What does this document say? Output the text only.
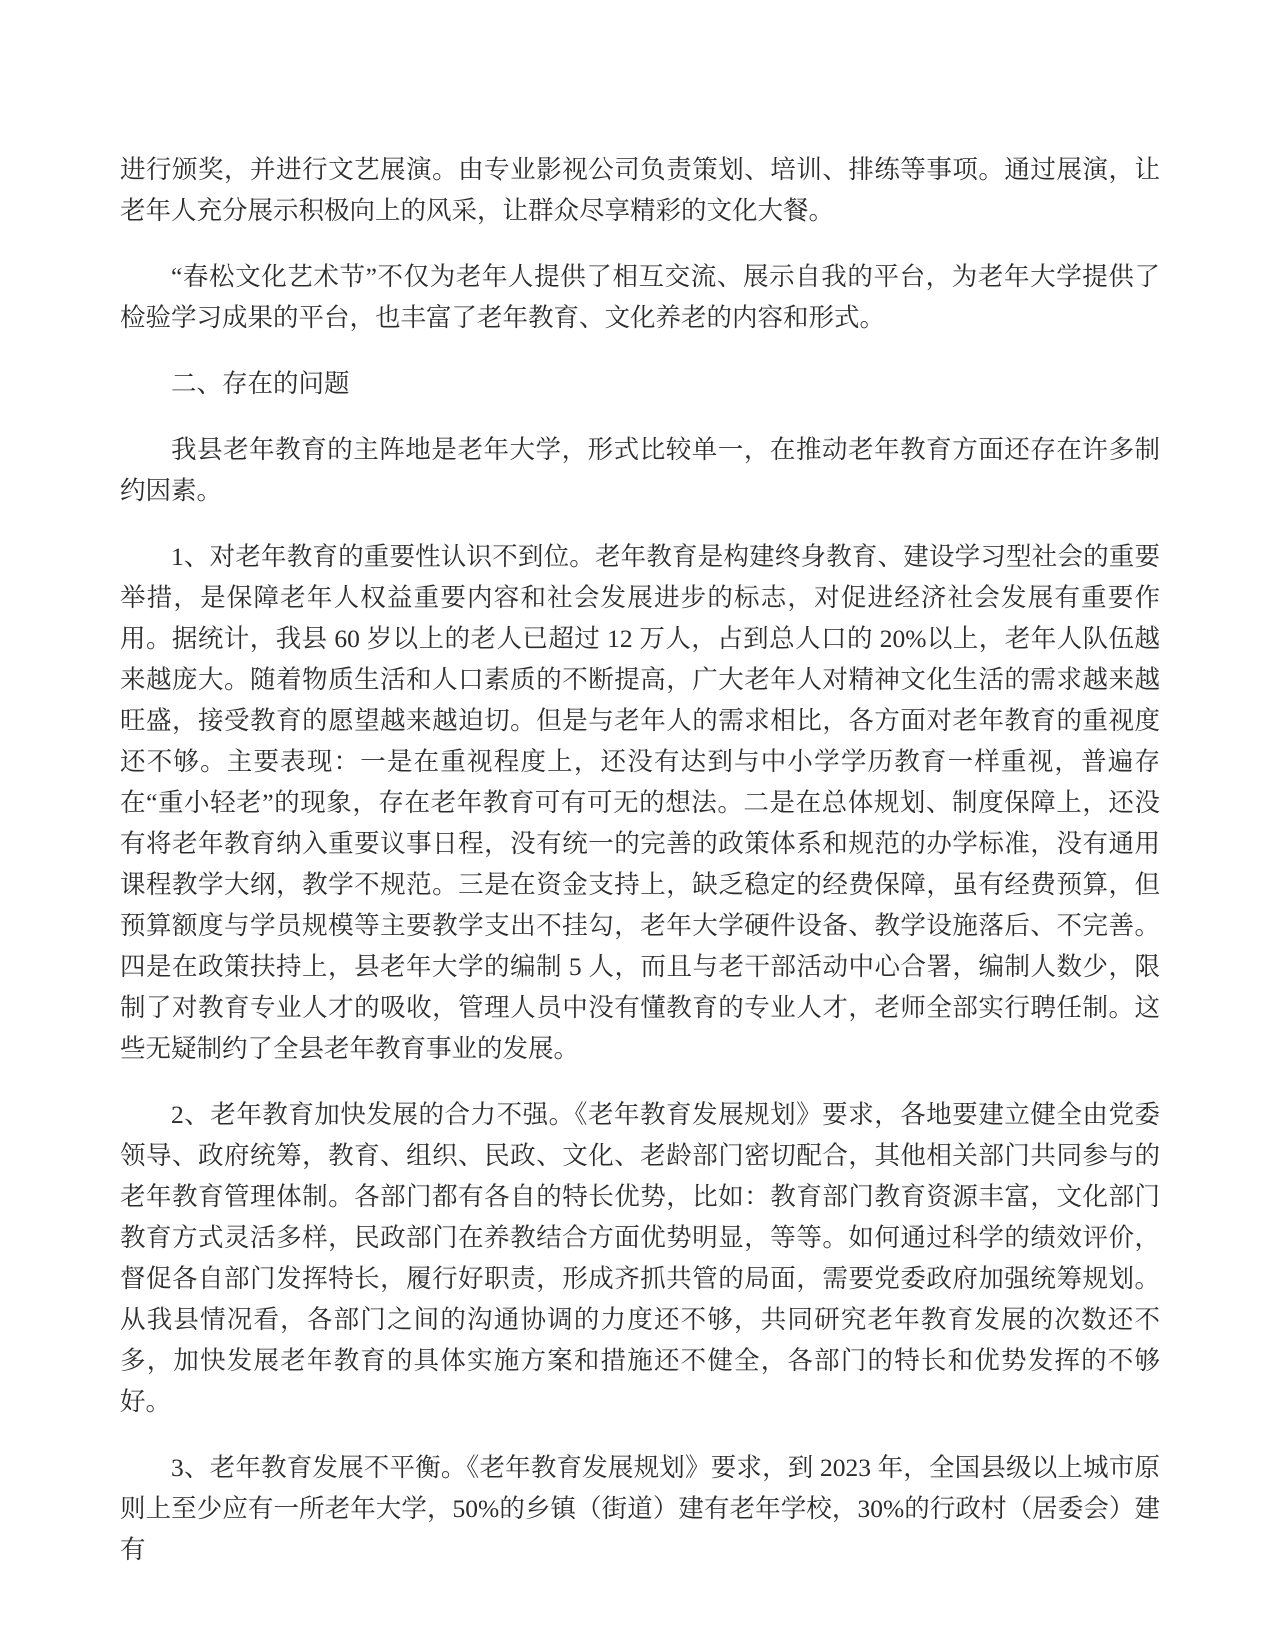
进行颁奖，并进行文艺展演。由专业影视公司负责策划、培训、排练等事项。通过展演，让老年人充分展示积极向上的风采，让群众尽享精彩的文化大餐。

“春松文化艺术节”不仅为老年人提供了相互交流、展示自我的平台，为老年大学提供了检验学习成果的平台，也丰富了老年教育、文化养老的内容和形式。

二、存在的问题

我县老年教育的主阵地是老年大学，形式比较单一，在推动老年教育方面还存在许多制约因素。

1、对老年教育的重要性认识不到位。老年教育是构建终身教育、建设学习型社会的重要举措，是保障老年人权益重要内容和社会发展进步的标志，对促进经济社会发展有重要作用。据统计，我县 60 岁以上的老人已超过 12 万人，占到总人口的 20%以上，老年人队伍越来越庞大。随着物质生活和人口素质的不断提高，广大老年人对精神文化生活的需求越来越旺盛，接受教育的愿望越来越迫切。但是与老年人的需求相比，各方面对老年教育的重视度还不够。主要表现：一是在重视程度上，还没有达到与中小学学历教育一样重视，普遍存在“重小轻老”的现象，存在老年教育可有可无的想法。二是在总体规划、制度保障上，还没有将老年教育纳入重要议事日程，没有统一的完善的政策体系和规范的办学标准，没有通用课程教学大纲，教学不规范。三是在资金支持上，缺乏稳定的经费保障，虽有经费预算，但预算额度与学员规模等主要教学支出不挂勾，老年大学硬件设备、教学设施落后、不完善。四是在政策扶持上，县老年大学的编制 5 人，而且与老干部活动中心合署，编制人数少，限制了对教育专业人才的吸收，管理人员中没有懂教育的专业人才，老师全部实行聘任制。这些无疑制约了全县老年教育事业的发展。

2、老年教育加快发展的合力不强。《老年教育发展规划》要求，各地要建立健全由党委领导、政府统筹，教育、组织、民政、文化、老龄部门密切配合，其他相关部门共同参与的老年教育管理体制。各部门都有各自的特长优势，比如：教育部门教育资源丰富，文化部门教育方式灵活多样，民政部门在养教结合方面优势明显，等等。如何通过科学的绩效评价，督促各自部门发挥特长，履行好职责，形成齐抓共管的局面，需要党委政府加强统筹规划。从我县情况看，各部门之间的沟通协调的力度还不够，共同研究老年教育发展的次数还不多，加快发展老年教育的具体实施方案和措施还不健全，各部门的特长和优势发挥的不够好。

3、老年教育发展不平衡。《老年教育发展规划》要求，到 2023 年，全国县级以上城市原则上至少应有一所老年大学，50%的乡镇（街道）建有老年学校，30%的行政村（居委会）建有
